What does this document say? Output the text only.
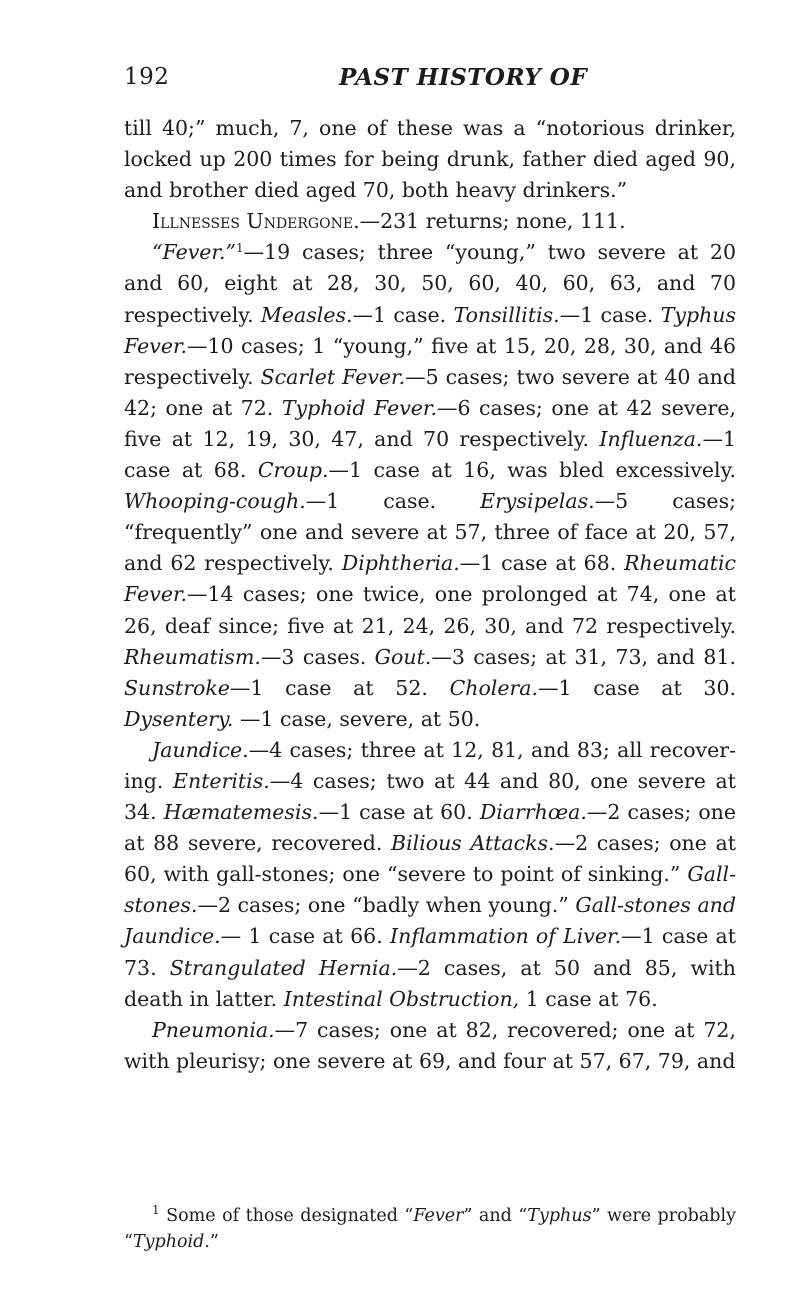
192	PAST HISTORY OF

till 40;” much, 7, one of these was a “notorious drinker, locked up 200 times for being drunk, father died aged 90, and brother died aged 70, both heavy drinkers.”

Illnesses Undergone.—231 returns; none, 111.

“Fever.”$^1$—19 cases; three “young,” two severe at 20 and 60, eight at 28, 30, 50, 60, 40, 60, 63, and 70 respectively. Measles.—1 case. Tonsillitis.—1 case. Typhus Fever.—10 cases; 1 “young,” five at 15, 20, 28, 30, and 46 respectively. Scarlet Fever.—5 cases; two severe at 40 and 42; one at 72. Typhoid Fever.—6 cases; one at 42 severe, five at 12, 19, 30, 47, and 70 respectively. Influenza.—1 case at 68. Croup.—1 case at 16, was bled excessively. Whooping-cough.—1 case. Erysipelas.—5 cases; “frequently” one and severe at 57, three of face at 20, 57, and 62 respectively. Diphtheria.—1 case at 68. Rheumatic Fever.—14 cases; one twice, one prolonged at 74, one at 26, deaf since; five at 21, 24, 26, 30, and 72 respectively. Rheumatism.—3 cases. Gout.—3 cases; at 31, 73, and 81. Sunstroke—1 case at 52. Cholera.—1 case at 30. Dysentery. —1 case, severe, at 50.

Jaundice.—4 cases; three at 12, 81, and 83; all recovering. Enteritis.—4 cases; two at 44 and 80, one severe at 34. Hæmatemesis.—1 case at 60. Diarrhœa.—2 cases; one at 88 severe, recovered. Bilious Attacks.—2 cases; one at 60, with gall-stones; one “severe to point of sinking.” Gall-stones.—2 cases; one “badly when young.” Gall-stones and Jaundice.— 1 case at 66. Inflammation of Liver.—1 case at 73. Strangulated Hernia.—2 cases, at 50 and 85, with death in latter. Intestinal Obstruction, 1 case at 76.

Pneumonia.—7 cases; one at 82, recovered; one at 72, with pleurisy; one severe at 69, and four at 57, 67, 79, and

$^1$ Some of those designated “Fever” and “Typhus” were probably “Typhoid.”
